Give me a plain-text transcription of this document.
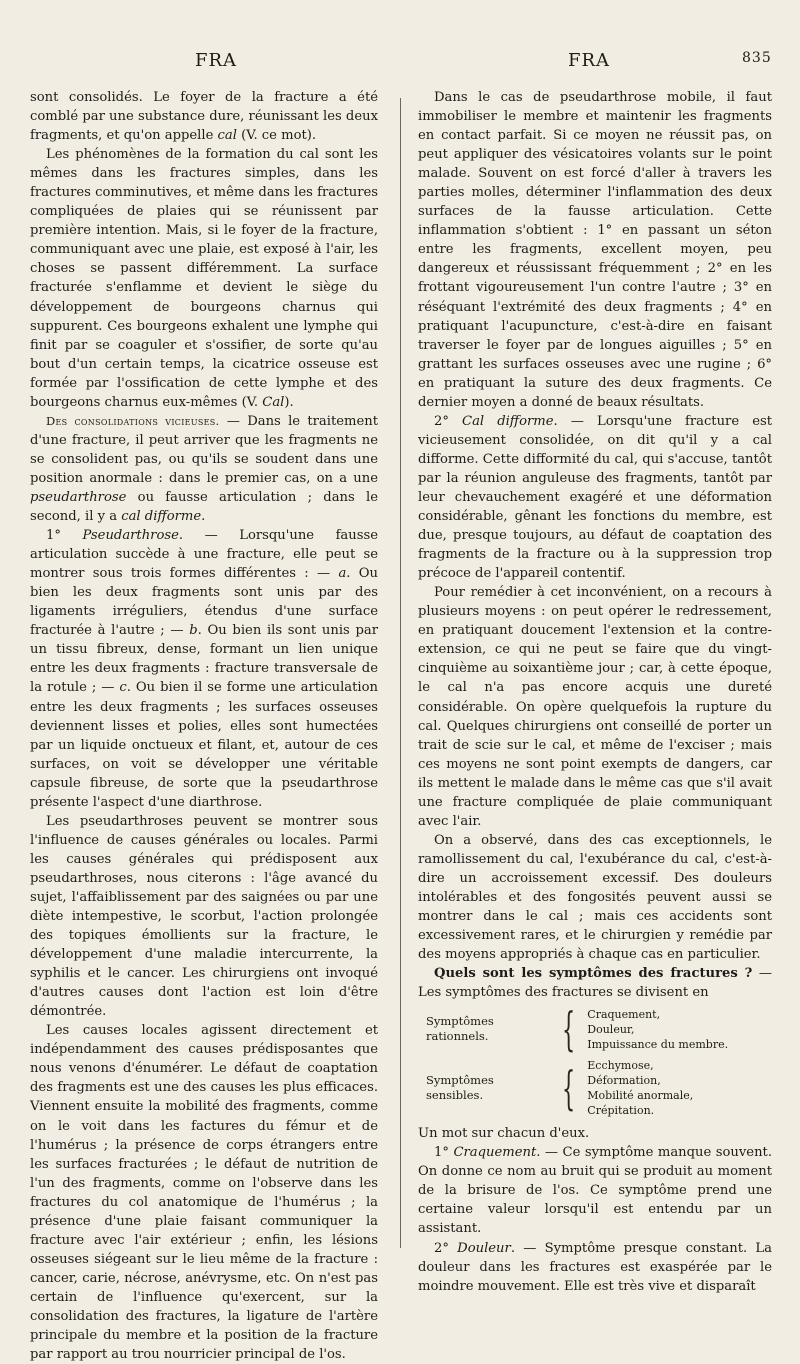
FRA	FRA	835

sont consolidés. Le foyer de la fracture a été comblé par une substance dure, réunissant les deux fragments, et qu'on appelle cal (V. ce mot).

Les phénomènes de la formation du cal sont les mêmes dans les fractures simples, dans les fractures comminutives, et même dans les fractures compliquées de plaies qui se réunissent par première intention. Mais, si le foyer de la fracture, communiquant avec une plaie, est exposé à l'air, les choses se passent différemment. La surface fracturée s'enflamme et devient le siège du développement de bourgeons charnus qui suppurent. Ces bourgeons exhalent une lymphe qui finit par se coaguler et s'ossifier, de sorte qu'au bout d'un certain temps, la cicatrice osseuse est formée par l'ossification de cette lymphe et des bourgeons charnus eux-mêmes (V. Cal).

Des consolidations vicieuses. — Dans le traitement d'une fracture, il peut arriver que les fragments ne se consolident pas, ou qu'ils se soudent dans une position anormale : dans le premier cas, on a une pseudarthrose ou fausse articulation ; dans le second, il y a cal difforme.

1° Pseudarthrose. — Lorsqu'une fausse articulation succède à une fracture, elle peut se montrer sous trois formes différentes : — a. Ou bien les deux fragments sont unis par des ligaments irréguliers, étendus d'une surface fracturée à l'autre ; — b. Ou bien ils sont unis par un tissu fibreux, dense, formant un lien unique entre les deux fragments : fracture transversale de la rotule ; — c. Ou bien il se forme une articulation entre les deux fragments ; les surfaces osseuses deviennent lisses et polies, elles sont humectées par un liquide onctueux et filant, et, autour de ces surfaces, on voit se développer une véritable capsule fibreuse, de sorte que la pseudarthrose présente l'aspect d'une diarthrose.

Les pseudarthroses peuvent se montrer sous l'influence de causes générales ou locales. Parmi les causes générales qui prédisposent aux pseudarthroses, nous citerons : l'âge avancé du sujet, l'affaiblissement par des saignées ou par une diète intempestive, le scorbut, l'action prolongée des topiques émollients sur la fracture, le développement d'une maladie intercurrente, la syphilis et le cancer. Les chirurgiens ont invoqué d'autres causes dont l'action est loin d'être démontrée.

Les causes locales agissent directement et indépendamment des causes prédisposantes que nous venons d'énumérer. Le défaut de coaptation des fragments est une des causes les plus efficaces. Viennent ensuite la mobilité des fragments, comme on le voit dans les factures du fémur et de l'humérus ; la présence de corps étrangers entre les surfaces fracturées ; le défaut de nutrition de l'un des fragments, comme on l'observe dans les fractures du col anatomique de l'humérus ; la présence d'une plaie faisant communiquer la fracture avec l'air extérieur ; enfin, les lésions osseuses siégeant sur le lieu même de la fracture : cancer, carie, nécrose, anévrysme, etc. On n'est pas certain de l'influence qu'exercent, sur la consolidation des fractures, la ligature de l'artère principale du membre et la position de la fracture par rapport au trou nourricier principal de l'os.

Dans le cas de pseudarthrose mobile, il faut immobiliser le membre et maintenir les fragments en contact parfait. Si ce moyen ne réussit pas, on peut appliquer des vésicatoires volants sur le point malade. Souvent on est forcé d'aller à travers les parties molles, déterminer l'inflammation des deux surfaces de la fausse articulation. Cette inflammation s'obtient : 1° en passant un séton entre les fragments, excellent moyen, peu dangereux et réussissant fréquemment ; 2° en les frottant vigoureusement l'un contre l'autre ; 3° en réséquant l'extrémité des deux fragments ; 4° en pratiquant l'acupuncture, c'est-à-dire en faisant traverser le foyer par de longues aiguilles ; 5° en grattant les surfaces osseuses avec une rugine ; 6° en pratiquant la suture des deux fragments. Ce dernier moyen a donné de beaux résultats.

2° Cal difforme. — Lorsqu'une fracture est vicieusement consolidée, on dit qu'il y a cal difforme. Cette difformité du cal, qui s'accuse, tantôt par la réunion anguleuse des fragments, tantôt par leur chevauchement exagéré et une déformation considérable, gênant les fonctions du membre, est due, presque toujours, au défaut de coaptation des fragments de la fracture ou à la suppression trop précoce de l'appareil contentif.

Pour remédier à cet inconvénient, on a recours à plusieurs moyens : on peut opérer le redressement, en pratiquant doucement l'extension et la contre-extension, ce qui ne peut se faire que du vingt-cinquième au soixantième jour ; car, à cette époque, le cal n'a pas encore acquis une dureté considérable. On opère quelquefois la rupture du cal. Quelques chirurgiens ont conseillé de porter un trait de scie sur le cal, et même de l'exciser ; mais ces moyens ne sont point exempts de dangers, car ils mettent le malade dans le même cas que s'il avait une fracture compliquée de plaie communiquant avec l'air.

On a observé, dans des cas exceptionnels, le ramollissement du cal, l'exubérance du cal, c'est-à-dire un accroissement excessif. Des douleurs intolérables et des fongosités peuvent aussi se montrer dans le cal ; mais ces accidents sont excessivement rares, et le chirurgien y remédie par des moyens appropriés à chaque cas en particulier.

Quels sont les symptômes des fractures ? — Les symptômes des fractures se divisent en

Symptômes rationnels.	{ Craquement,
Douleur,
Impuissance du membre.
Symptômes sensibles.	{ Ecchymose,
Déformation,
Mobilité anormale,
Crépitation.

Un mot sur chacun d'eux.

1° Craquement. — Ce symptôme manque souvent. On donne ce nom au bruit qui se produit au moment de la brisure de l'os. Ce symptôme prend une certaine valeur lorsqu'il est entendu par un assistant.

2° Douleur. — Symptôme presque constant. La douleur dans les fractures est exaspérée par le moindre mouvement. Elle est très vive et disparaît
